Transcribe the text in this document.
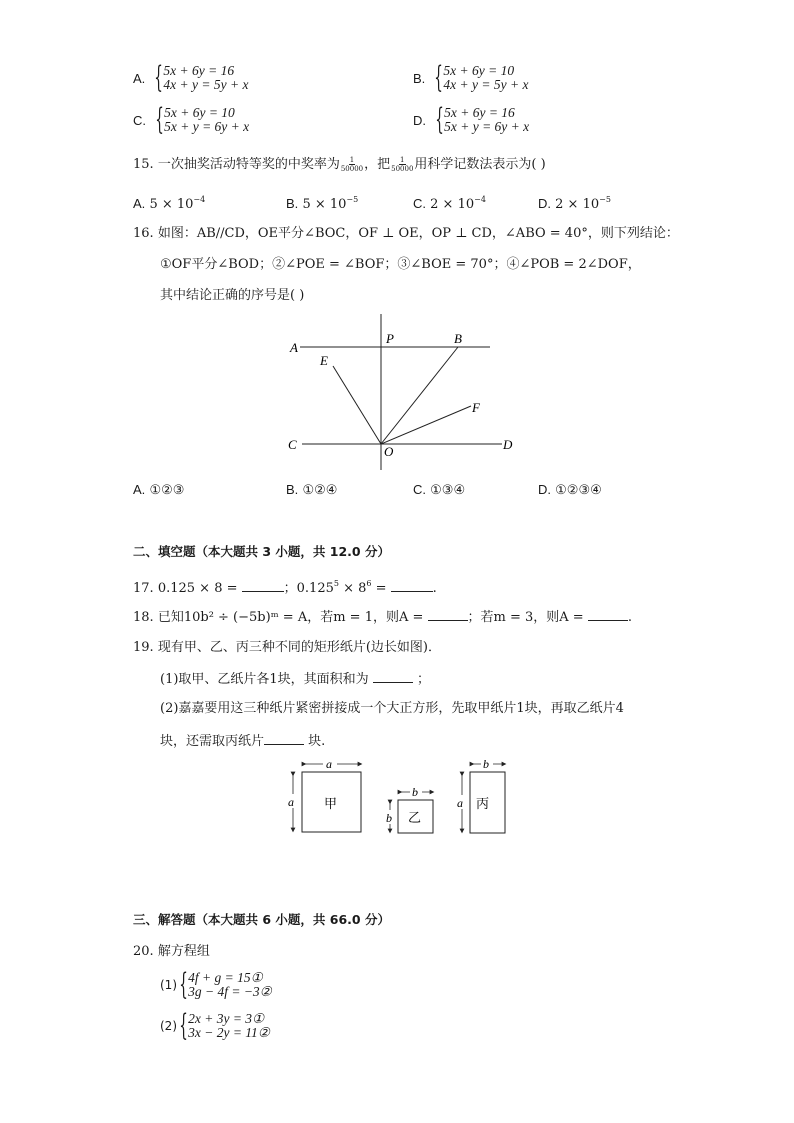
A. { 5x + 6y = 16
4x + y = 5y + x	B. { 5x + 6y = 10
4x + y = 5y + x
C. { 5x + 6y = 10
5x + y = 6y + x	D. { 5x + 6y = 16
5x + y = 6y + x
15. 一次抽奖活动特等奖的中奖率为 $\frac{1}{50000}$ ，把 $\frac{1}{50000}$ 用科学记数法表示为( )
A. $5 \times 10^{-4}$	B. $5 \times 10^{-5}$	C. $2 \times 10^{-4}$	D. $2 \times 10^{-5}$
16. 如图：AB//CD，OE平分∠BOC，OF ⊥ OE，OP ⊥ CD，∠ABO = 40°，则下列结论：
①OF平分∠BOD；②∠POE = ∠BOF；③∠BOE = 70°；④∠POB = 2∠DOF，
其中结论正确的序号是( )
A
P	B
E
F
C	O	D
A. ①②③	B. ①②④	C. ①③④	D. ①②③④
二、填空题（本大题共 3 小题，共 12.0 分）
17. 0.125 × 8 =	；$0.125^5 \times 8^6$ =	.
18. 已知10b² ÷ (−5b)ᵐ = A，若m = 1，则A =	；若m = 3，则A =	.
19. 现有甲、乙、丙三种不同的矩形纸片(边长如图)．
(1)取甲、乙纸片各1块，其面积和为	；
(2)嘉嘉要用这三种纸片紧密拼接成一个大正方形，先取甲纸片1块，再取乙纸片4
块，还需取丙纸片	块.
a
a 甲
b
b 乙
b
a 丙
三、解答题（本大题共 6 小题，共 66.0 分）
20. 解方程组
(1) { 4f + g = 15①
3g − 4f = −3②
(2) { 2x + 3y = 3①
3x − 2y = 11②
